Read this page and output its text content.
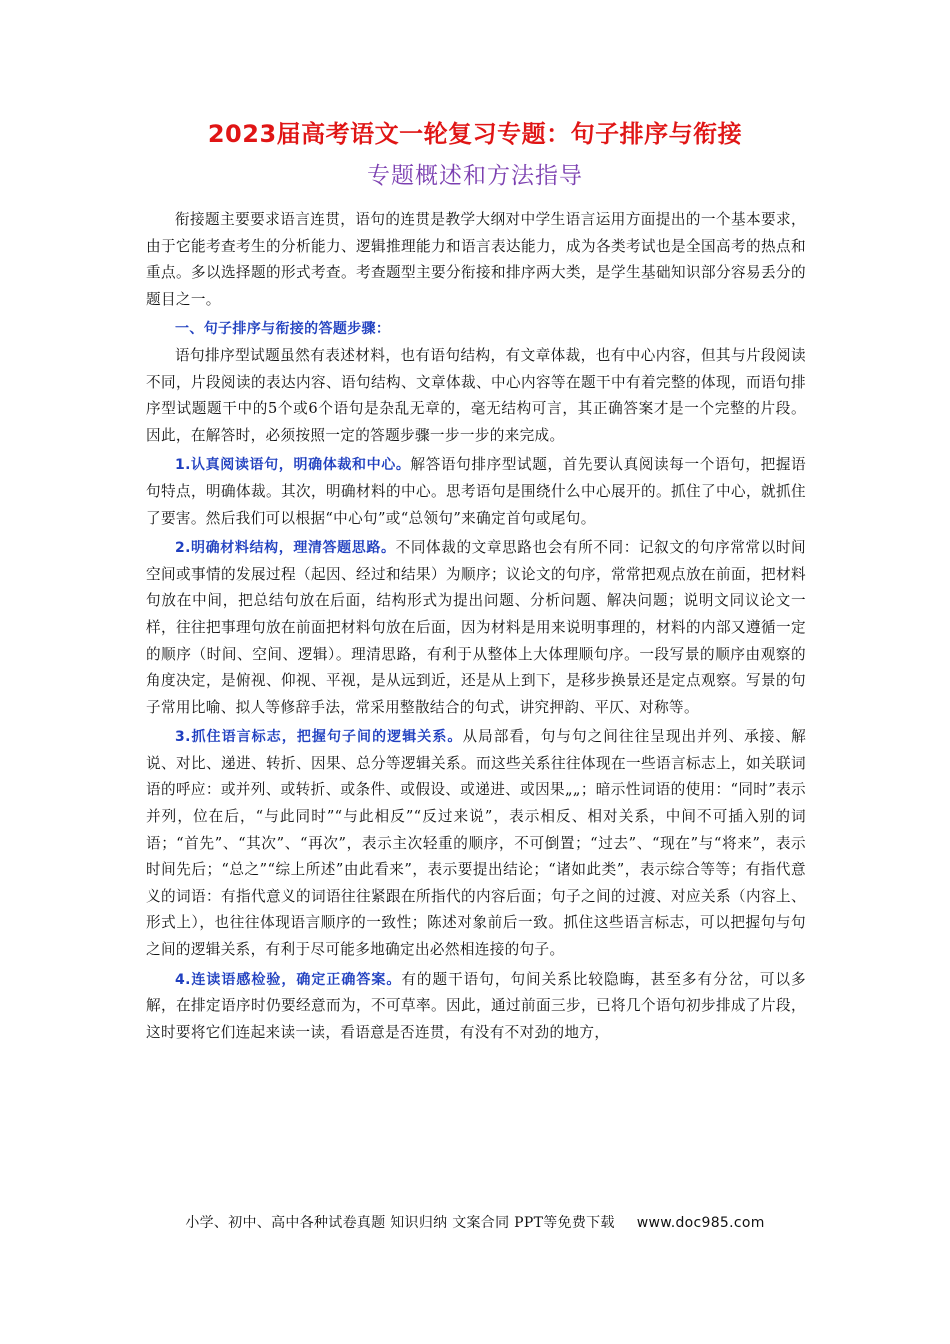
2023届高考语文一轮复习专题：句子排序与衔接
专题概述和方法指导

衔接题主要要求语言连贯，语句的连贯是教学大纲对中学生语言运用方面提出的一个基本要求，由于它能考查考生的分析能力、逻辑推理能力和语言表达能力，成为各类考试也是全国高考的热点和重点。多以选择题的形式考查。考查题型主要分衔接和排序两大类，是学生基础知识部分容易丢分的题目之一。

一、句子排序与衔接的答题步骤：

语句排序型试题虽然有表述材料，也有语句结构，有文章体裁，也有中心内容，但其与片段阅读不同，片段阅读的表达内容、语句结构、文章体裁、中心内容等在题干中有着完整的体现，而语句排序型试题题干中的5个或6个语句是杂乱无章的，毫无结构可言，其正确答案才是一个完整的片段。因此，在解答时，必须按照一定的答题步骤一步一步的来完成。

1.认真阅读语句，明确体裁和中心。解答语句排序型试题，首先要认真阅读每一个语句，把握语句特点，明确体裁。其次，明确材料的中心。思考语句是围绕什么中心展开的。抓住了中心，就抓住了要害。然后我们可以根据“中心句”或“总领句”来确定首句或尾句。

2.明确材料结构，理清答题思路。不同体裁的文章思路也会有所不同：记叙文的句序常常以时间空间或事情的发展过程（起因、经过和结果）为顺序；议论文的句序，常常把观点放在前面，把材料句放在中间，把总结句放在后面，结构形式为提出问题、分析问题、解决问题；说明文同议论文一样，往往把事理句放在前面把材料句放在后面，因为材料是用来说明事理的，材料的内部又遵循一定的顺序（时间、空间、逻辑）。理清思路，有利于从整体上大体理顺句序。一段写景的顺序由观察的角度决定，是俯视、仰视、平视，是从远到近，还是从上到下，是移步换景还是定点观察。写景的句子常用比喻、拟人等修辞手法，常采用整散结合的句式，讲究押韵、平仄、对称等。

3.抓住语言标志，把握句子间的逻辑关系。从局部看，句与句之间往往呈现出并列、承接、解说、对比、递进、转折、因果、总分等逻辑关系。而这些关系往往体现在一些语言标志上，如关联词语的呼应：或并列、或转折、或条件、或假设、或递进、或因果„„；暗示性词语的使用：“同时”表示并列，位在后，“与此同时”“与此相反”“反过来说”，表示相反、相对关系，中间不可插入别的词语；“首先”、“其次”、“再次”，表示主次轻重的顺序，不可倒置；“过去”、“现在”与“将来”，表示时间先后；“总之”“综上所述”由此看来”，表示要提出结论；“诸如此类”，表示综合等等；有指代意义的词语：有指代意义的词语往往紧跟在所指代的内容后面；句子之间的过渡、对应关系（内容上、形式上），也往往体现语言顺序的一致性；陈述对象前后一致。抓住这些语言标志，可以把握句与句之间的逻辑关系，有利于尽可能多地确定出必然相连接的句子。

4.连读语感检验，确定正确答案。有的题干语句，句间关系比较隐晦，甚至多有分岔，可以多解，在排定语序时仍要经意而为，不可草率。因此，通过前面三步，已将几个语句初步排成了片段，这时要将它们连起来读一读，看语意是否连贯，有没有不对劲的地方，

小学、初中、高中各种试卷真题 知识归纳 文案合同 PPT等免费下载 www.doc985.com
